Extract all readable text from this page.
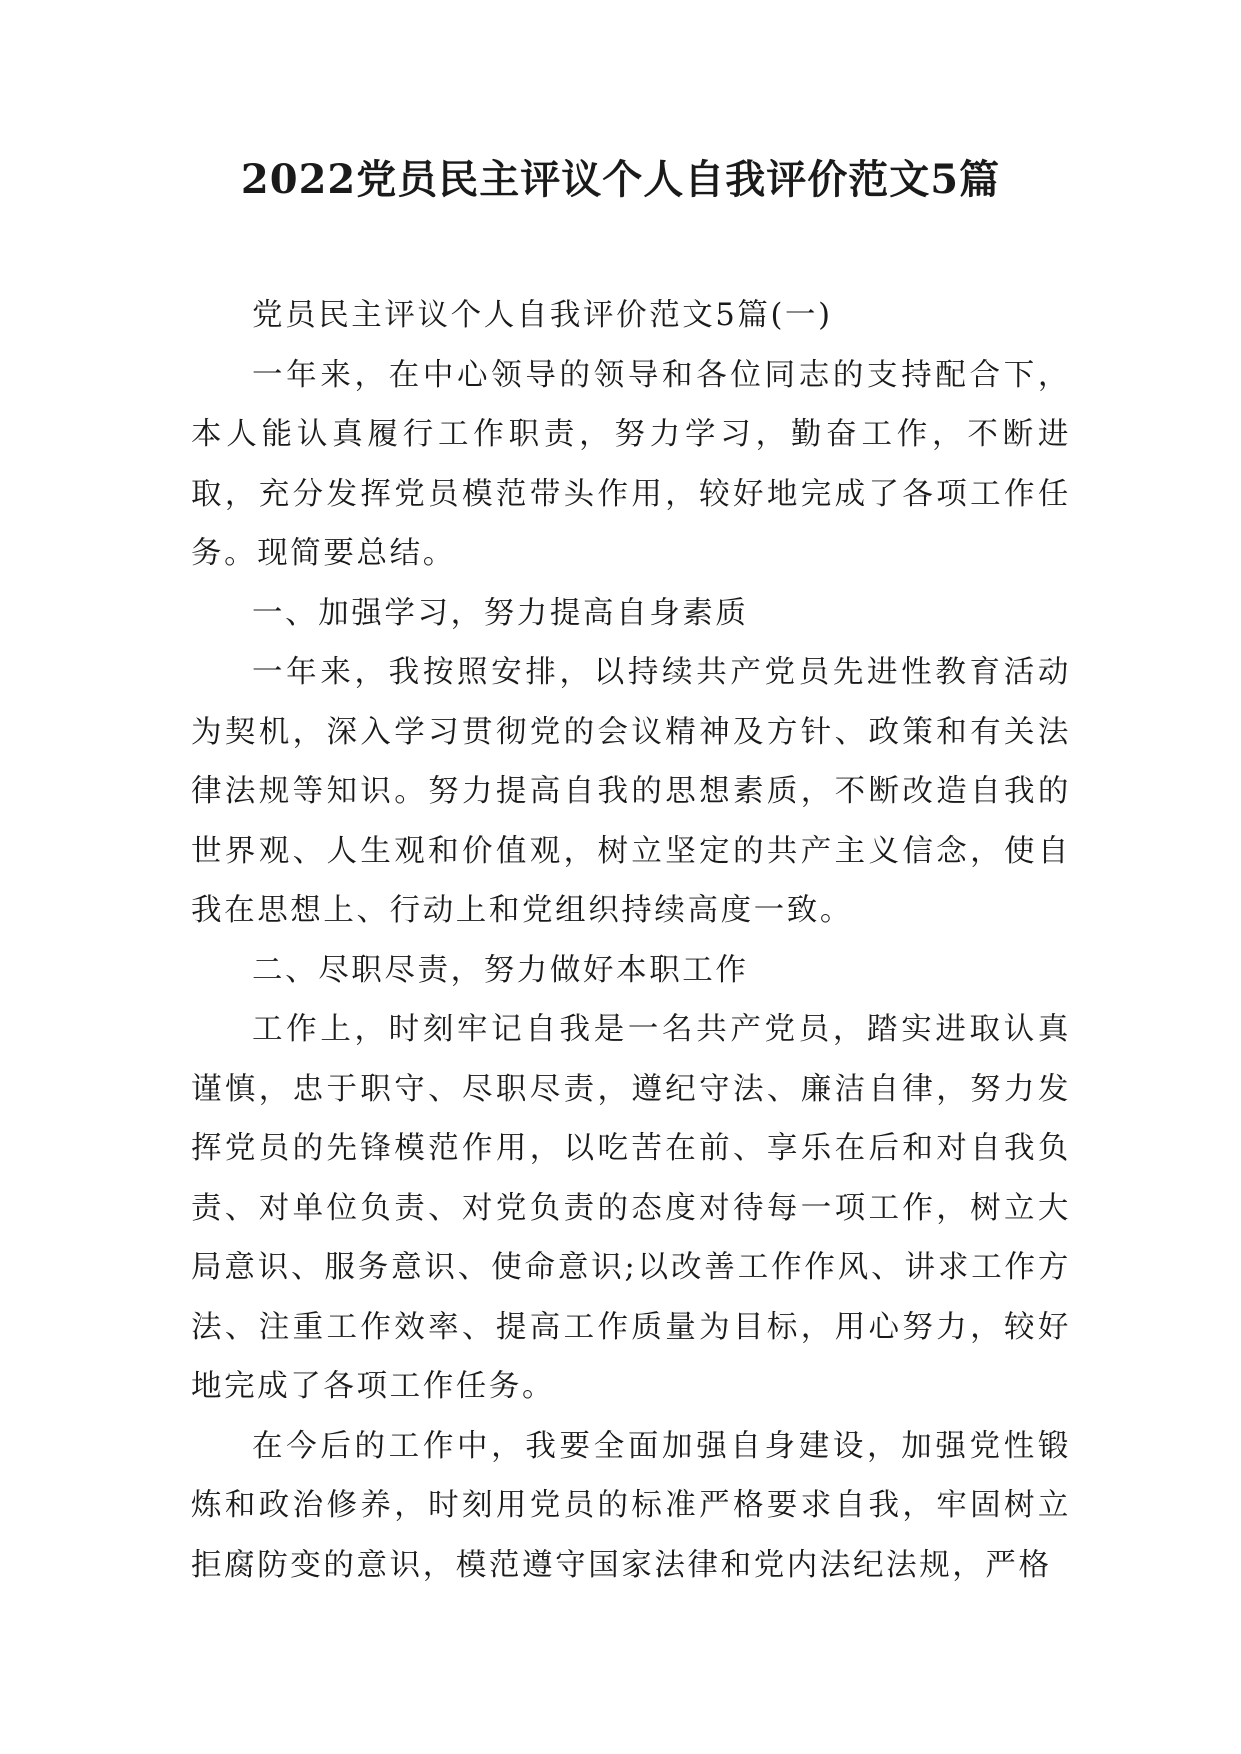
2022党员民主评议个人自我评价范文5篇

党员民主评议个人自我评价范文5篇(一)

一年来，在中心领导的领导和各位同志的支持配合下，本人能认真履行工作职责，努力学习，勤奋工作，不断进取，充分发挥党员模范带头作用，较好地完成了各项工作任务。现简要总结。

一、加强学习，努力提高自身素质

一年来，我按照安排，以持续共产党员先进性教育活动为契机，深入学习贯彻党的会议精神及方针、政策和有关法律法规等知识。努力提高自我的思想素质，不断改造自我的世界观、人生观和价值观，树立坚定的共产主义信念，使自我在思想上、行动上和党组织持续高度一致。

二、尽职尽责，努力做好本职工作

工作上，时刻牢记自我是一名共产党员，踏实进取认真谨慎，忠于职守、尽职尽责，遵纪守法、廉洁自律，努力发挥党员的先锋模范作用，以吃苦在前、享乐在后和对自我负责、对单位负责、对党负责的态度对待每一项工作，树立大局意识、服务意识、使命意识;以改善工作作风、讲求工作方法、注重工作效率、提高工作质量为目标，用心努力，较好地完成了各项工作任务。

在今后的工作中，我要全面加强自身建设，加强党性锻炼和政治修养，时刻用党员的标准严格要求自我，牢固树立拒腐防变的意识，模范遵守国家法律和党内法纪法规，严格
